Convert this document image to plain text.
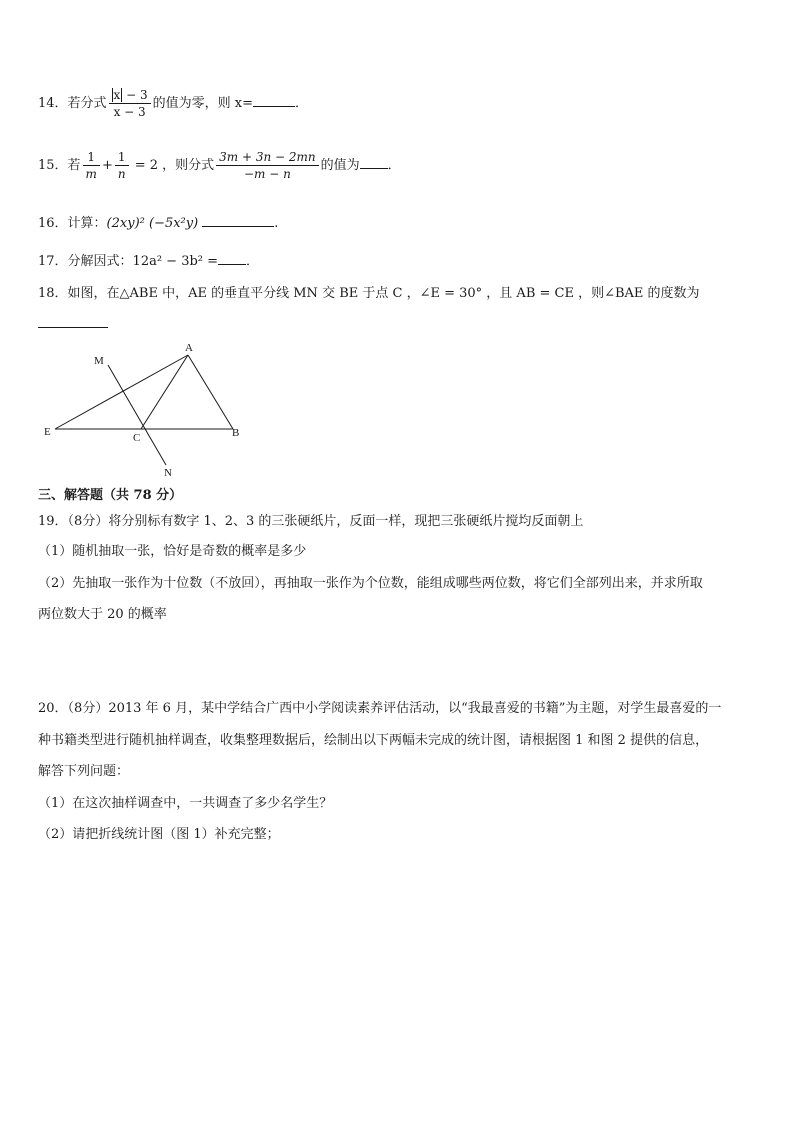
14．若分式 $\frac{x - 3}{x - 3}$ 的值为零，则 x=	．
15．若 $\frac{1}{m} + \frac{1}{n} = 2$ ，则分式 $\frac{3m + 3n - 2mn}{-m - n}$ 的值为 ．
16．计算：(2xy)² (−5x²y)	.
17．分解因式：12a² − 3b² = ．
18．如图，在△ABE 中，AE 的垂直平分线 MN 交 BE 于点 C ，∠E = 30° ，且 AB = CE ，则∠BAE 的度数为

M
A
E	C	B
N
三、解答题（共 78 分）
19．（8分）将分别标有数字 1、2、3 的三张硬纸片，反面一样，现把三张硬纸片搅均反面朝上
（1）随机抽取一张，恰好是奇数的概率是多少
（2）先抽取一张作为十位数（不放回），再抽取一张作为个位数，能组成哪些两位数，将它们全部列出来，并求所取
两位数大于 20 的概率
20．（8分）2013 年 6 月，某中学结合广西中小学阅读素养评估活动，以“我最喜爱的书籍”为主题，对学生最喜爱的一
种书籍类型进行随机抽样调查，收集整理数据后，绘制出以下两幅未完成的统计图，请根据图 1 和图 2 提供的信息，
解答下列问题：
（1）在这次抽样调查中，一共调查了多少名学生？
（2）请把折线统计图（图 1）补充完整；
